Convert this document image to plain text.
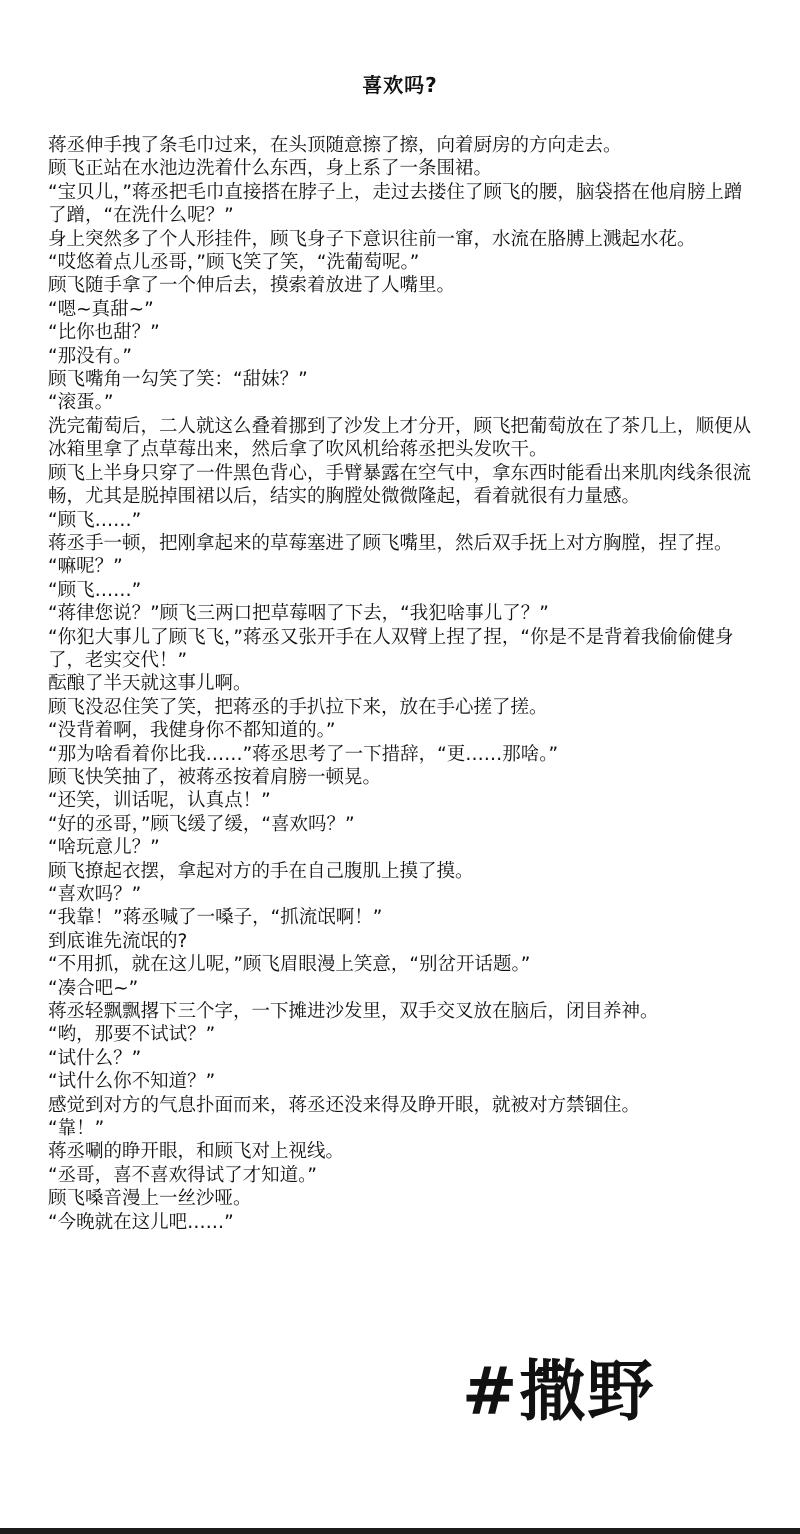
喜欢吗?

蒋丞伸手拽了条毛巾过来，在头顶随意擦了擦，向着厨房的方向走去。

顾飞正站在水池边洗着什么东西，身上系了一条围裙。

“宝贝儿，”蒋丞把毛巾直接搭在脖子上，走过去搂住了顾飞的腰，脑袋搭在他肩膀上蹭了蹭，“在洗什么呢？”

身上突然多了个人形挂件，顾飞身子下意识往前一窜，水流在胳膊上溅起水花。

“哎悠着点儿丞哥，”顾飞笑了笑，“洗葡萄呢。”

顾飞随手拿了一个伸后去，摸索着放进了人嘴里。

“嗯~真甜~”

“比你也甜？”

“那没有。”

顾飞嘴角一勾笑了笑：“甜妹？”

“滚蛋。”

洗完葡萄后，二人就这么叠着挪到了沙发上才分开，顾飞把葡萄放在了茶几上，顺便从冰箱里拿了点草莓出来，然后拿了吹风机给蒋丞把头发吹干。

顾飞上半身只穿了一件黑色背心，手臂暴露在空气中，拿东西时能看出来肌肉线条很流畅，尤其是脱掉围裙以后，结实的胸膛处微微隆起，看着就很有力量感。

“顾飞……”

蒋丞手一顿，把刚拿起来的草莓塞进了顾飞嘴里，然后双手抚上对方胸膛，捏了捏。

“嘛呢？”

“顾飞……”

“蒋律您说？”顾飞三两口把草莓咽了下去，“我犯啥事儿了？”

“你犯大事儿了顾飞飞，”蒋丞又张开手在人双臂上捏了捏，“你是不是背着我偷偷健身了，老实交代！”

酝酿了半天就这事儿啊。

顾飞没忍住笑了笑，把蒋丞的手扒拉下来，放在手心搓了搓。

“没背着啊，我健身你不都知道的。”

“那为啥看着你比我……”蒋丞思考了一下措辞，“更……那啥。”

顾飞快笑抽了，被蒋丞按着肩膀一顿晃。

“还笑，训话呢，认真点！”

“好的丞哥，”顾飞缓了缓，“喜欢吗？”

“啥玩意儿？”

顾飞撩起衣摆，拿起对方的手在自己腹肌上摸了摸。

“喜欢吗？”

“我靠！”蒋丞喊了一嗓子，“抓流氓啊！”

到底谁先流氓的?

“不用抓，就在这儿呢，”顾飞眉眼漫上笑意，“别岔开话题。”

“凑合吧~”

蒋丞轻飘飘撂下三个字，一下摊进沙发里，双手交叉放在脑后，闭目养神。

“哟，那要不试试？”

“试什么？”

“试什么你不知道？”

感觉到对方的气息扑面而来，蒋丞还没来得及睁开眼，就被对方禁锢住。

“靠！”

蒋丞唰的睁开眼，和顾飞对上视线。

“丞哥，喜不喜欢得试了才知道。”

顾飞嗓音漫上一丝沙哑。

“今晚就在这儿吧……”

#撒野
